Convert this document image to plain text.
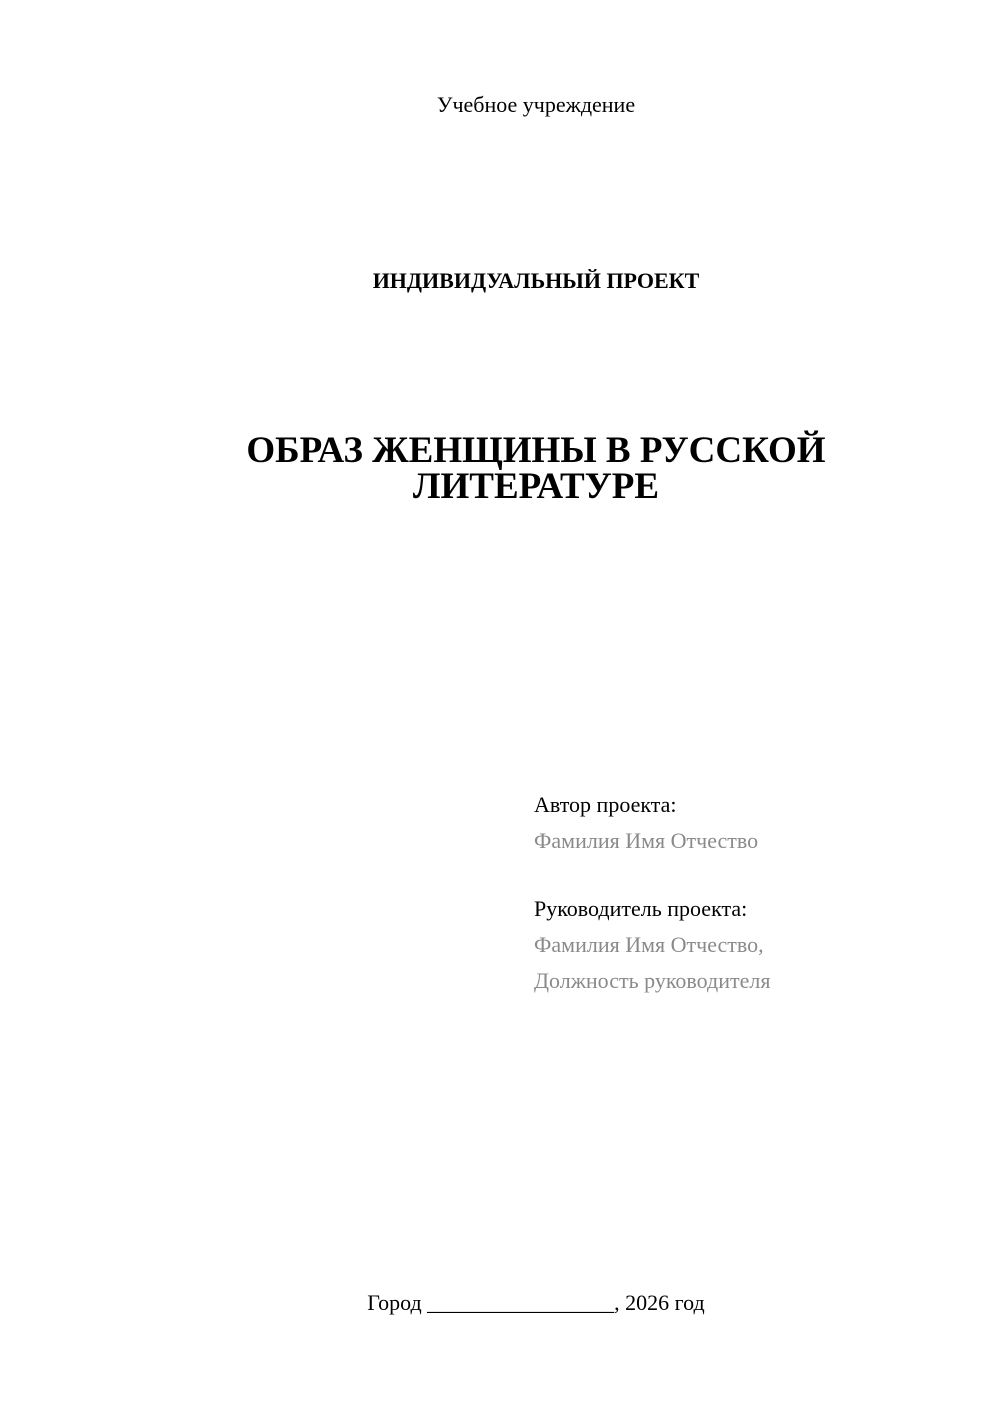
Учебное учреждение
ИНДИВИДУАЛЬНЫЙ ПРОЕКТ
ОБРАЗ ЖЕНЩИНЫ В РУССКОЙ
ЛИТЕРАТУРЕ
Автор проекта:
Фамилия Имя Отчество
Руководитель проекта:
Фамилия Имя Отчество,
Должность руководителя
Город _________________, 2026 год
